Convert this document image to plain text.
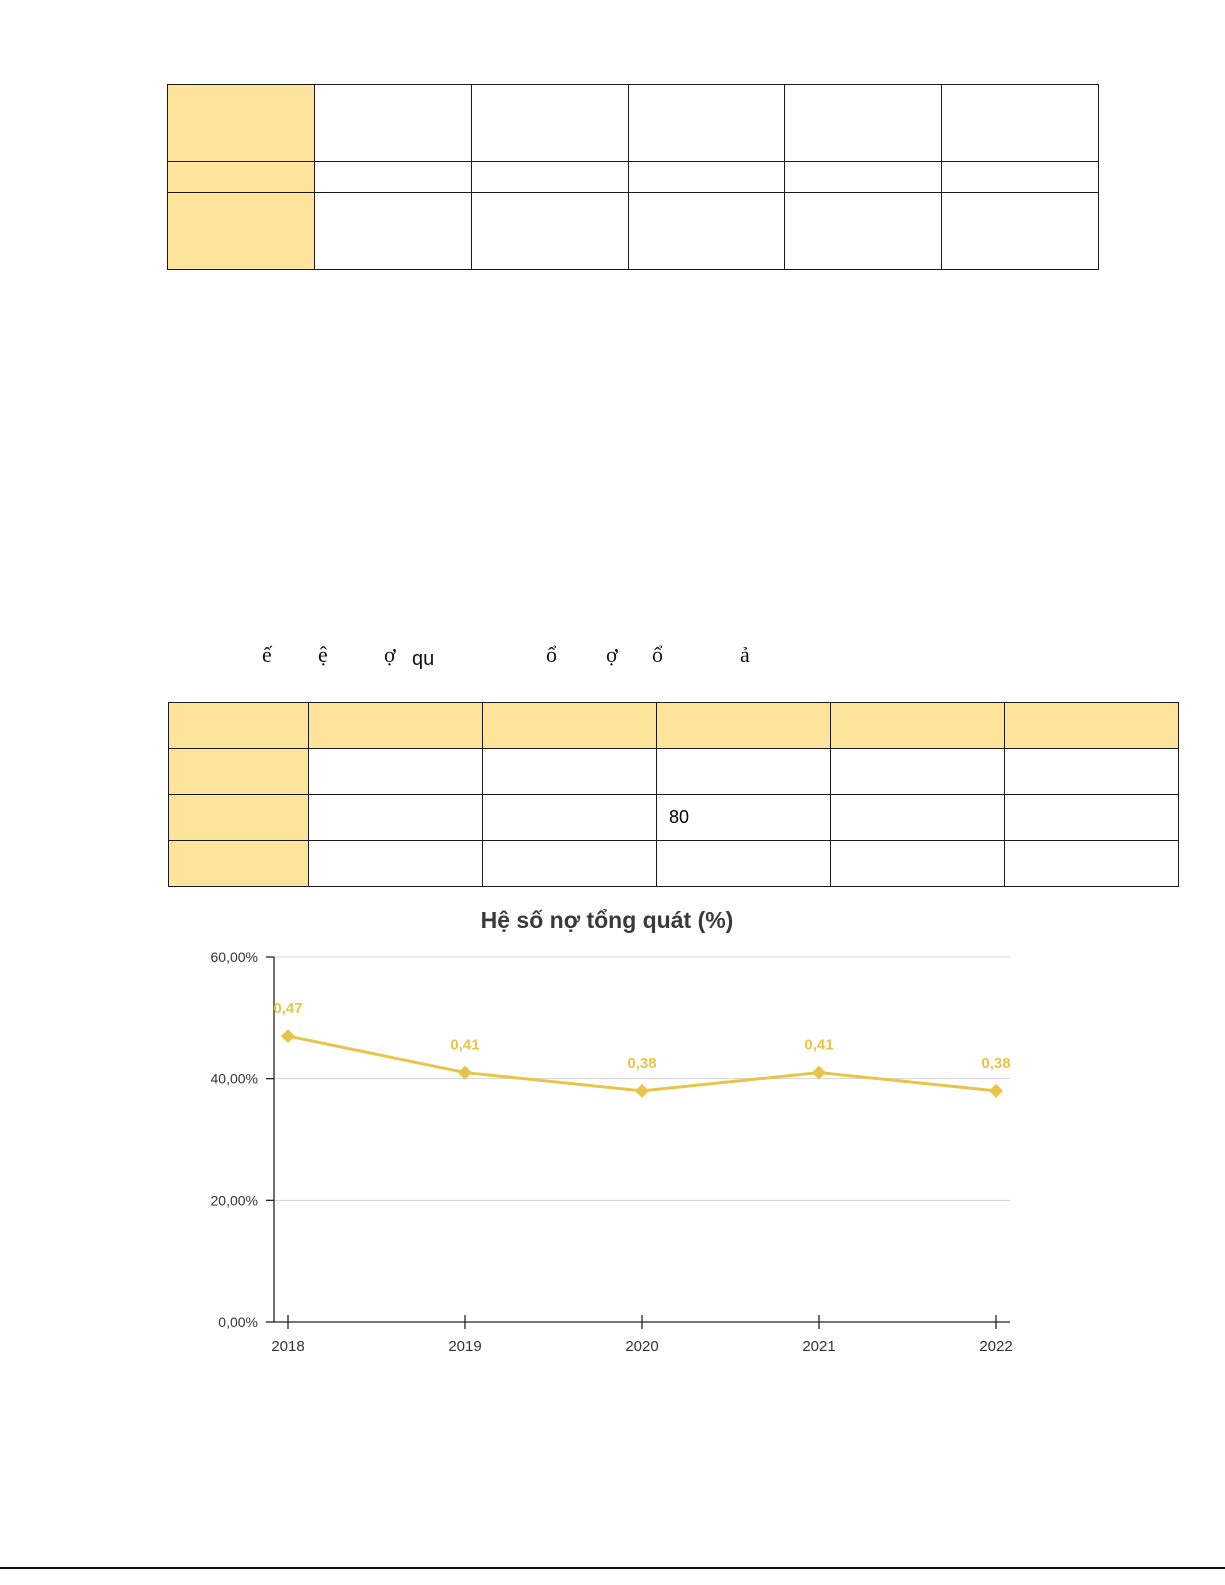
ế ệ	ợ qu	ổ ợ ổ	ả

			80		

Hệ số nợ tổng quát (%)
0,00%
20,00%
40,00%
60,00%
2018	2019	2020	2021	2022
0,47
0,41
0,38
0,41
0,38
